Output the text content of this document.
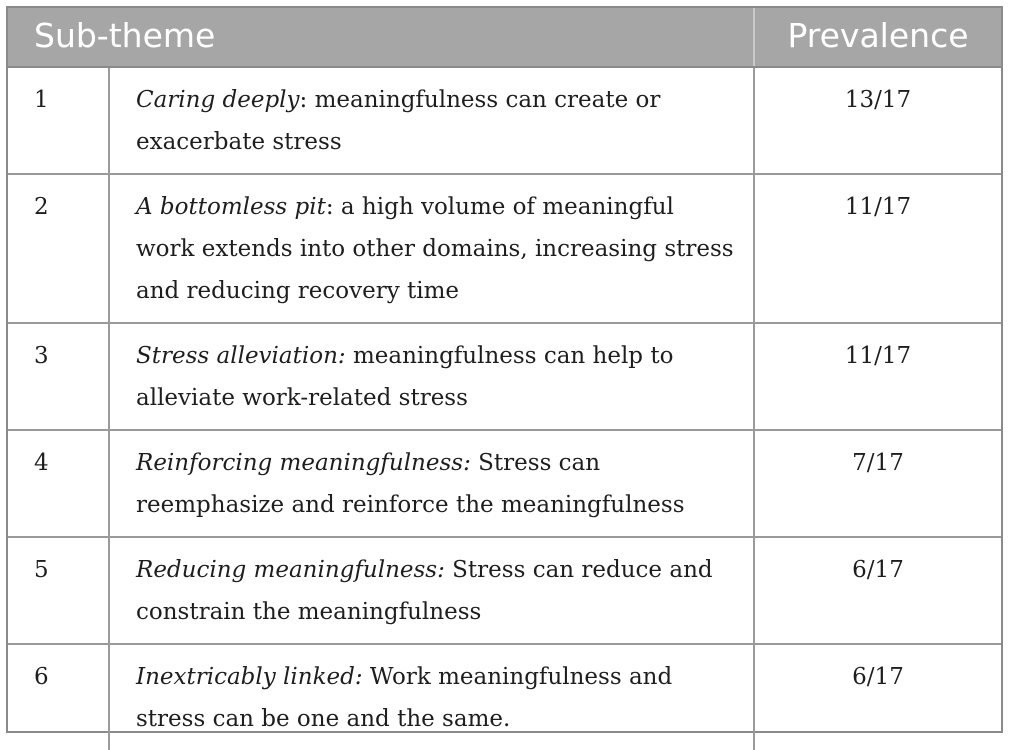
Sub-theme		Prevalence
1	Caring deeply: meaningfulness can create or exacerbate stress	13/17
2	A bottomless pit: a high volume of meaningful work extends into other domains, increasing stress and reducing recovery time	11/17
3	Stress alleviation: meaningfulness can help to alleviate work-related stress	11/17
4	Reinforcing meaningfulness: Stress can reemphasize and reinforce the meaningfulness	7/17
5	Reducing meaningfulness: Stress can reduce and constrain the meaningfulness	6/17
6	Inextricably linked: Work meaningfulness and stress can be one and the same.	6/17
